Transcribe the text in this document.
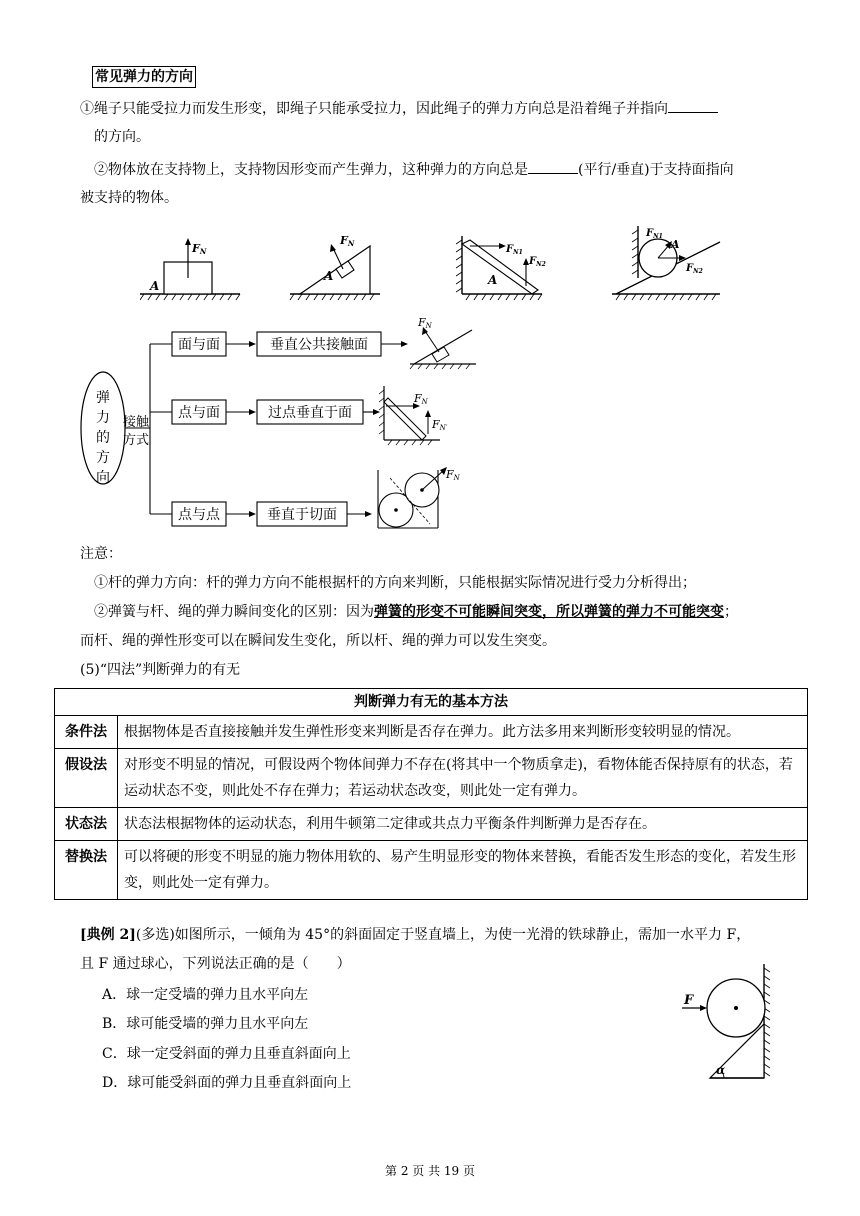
常见弹力的方向
①绳子只能受拉力而发生形变，即绳子只能承受拉力，因此绳子的弹力方向总是沿着绳子并指向
的方向。
②物体放在支持物上，支持物因形变而产生弹力，这种弹力的方向总是	(平行/垂直)于支持面指向
被支持的物体。
FN
A
FN
A
$F_{N1}$
$F_{N2}$
A
$F_{N1}$
A
$F_{N2}$
弹
力
的
方
向
接触
方式
面与面	垂直公共接触面
点与面	过点垂直于面
点与点	垂直于切面
FN
FN
FN′
FN
注意：
①杆的弹力方向：杆的弹力方向不能根据杆的方向来判断，只能根据实际情况进行受力分析得出；
②弹簧与杆、绳的弹力瞬间变化的区别：因为弹簧的形变不可能瞬间突变，所以弹簧的弹力不可能突变；
而杆、绳的弹性形变可以在瞬间发生变化，所以杆、绳的弹力可以发生突变。
(5)“四法”判断弹力的有无
判断弹力有无的基本方法	
条件法	根据物体是否直接接触并发生弹性形变来判断是否存在弹力。此方法多用来判断形变较明显的情况。
假设法	对形变不明显的情况，可假设两个物体间弹力不存在(将其中一个物质拿走)，看物体能否保持原有的状态，若运动状态不变，则此处不存在弹力；若运动状态改变，则此处一定有弹力。
状态法	状态法根据物体的运动状态，利用牛顿第二定律或共点力平衡条件判断弹力是否存在。
替换法	可以将硬的形变不明显的施力物体用软的、易产生明显形变的物体来替换，看能否发生形态的变化，若发生形变，则此处一定有弹力。
[典例 2](多选)如图所示，一倾角为 45°的斜面固定于竖直墙上，为使一光滑的铁球静止，需加一水平力 F，
且 F 通过球心，下列说法正确的是（　　）
A．球一定受墙的弹力且水平向左
B．球可能受墙的弹力且水平向左
C．球一定受斜面的弹力且垂直斜面向上
D．球可能受斜面的弹力且垂直斜面向上
F
α
第 2 页 共 19 页
